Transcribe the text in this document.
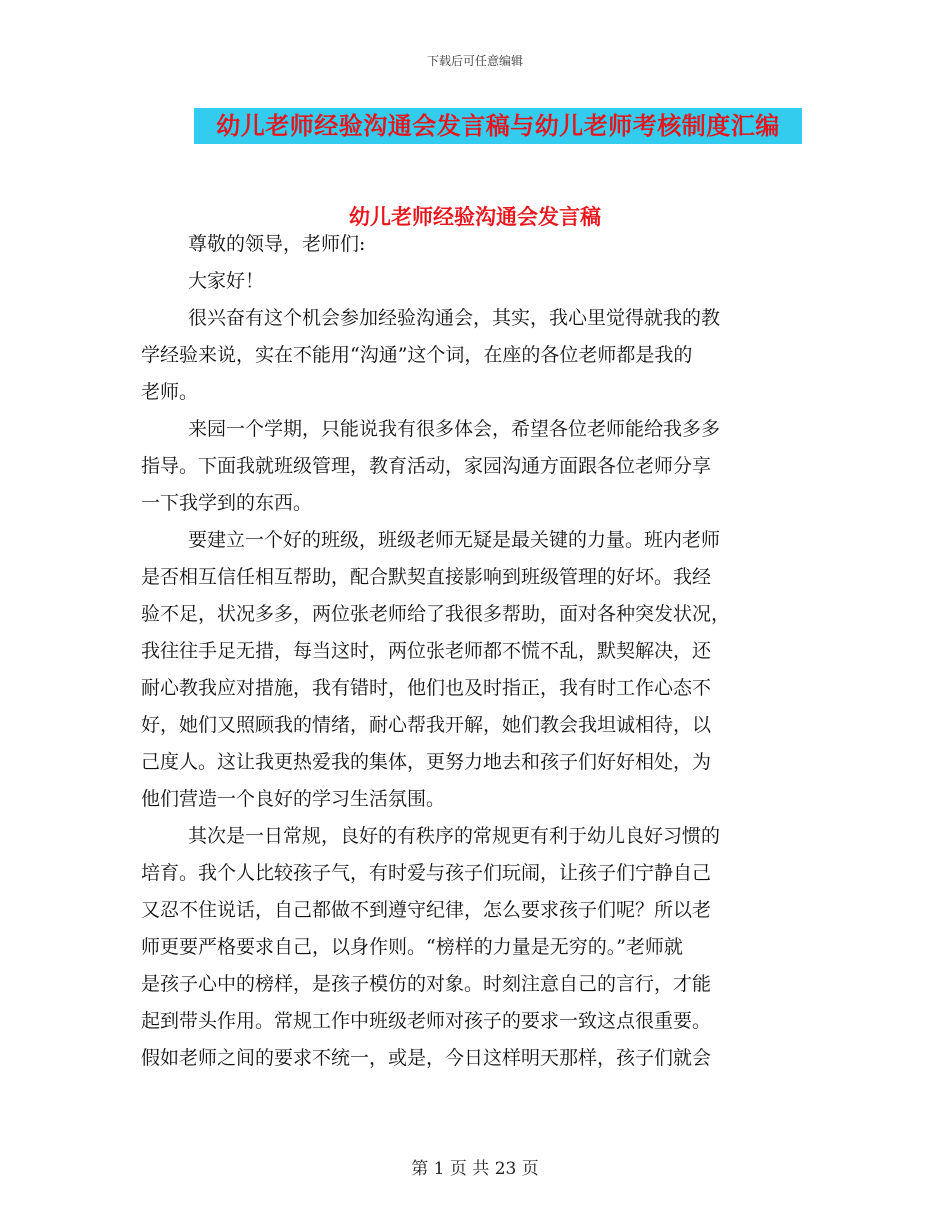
下载后可任意编辑
幼儿老师经验沟通会发言稿与幼儿老师考核制度汇编
幼儿老师经验沟通会发言稿
尊敬的领导，老师们:
大家好！
很兴奋有这个机会参加经验沟通会，其实，我心里觉得就我的教
学经验来说，实在不能用“沟通”这个词，在座的各位老师都是我的
老师。
来园一个学期，只能说我有很多体会，希望各位老师能给我多多
指导。下面我就班级管理，教育活动，家园沟通方面跟各位老师分享
一下我学到的东西。
要建立一个好的班级，班级老师无疑是最关键的力量。班内老师
是否相互信任相互帮助，配合默契直接影响到班级管理的好坏。我经
验不足，状况多多，两位张老师给了我很多帮助，面对各种突发状况，
我往往手足无措，每当这时，两位张老师都不慌不乱，默契解决，还
耐心教我应对措施，我有错时，他们也及时指正，我有时工作心态不
好，她们又照顾我的情绪，耐心帮我开解，她们教会我坦诚相待，以
己度人。这让我更热爱我的集体，更努力地去和孩子们好好相处，为
他们营造一个良好的学习生活氛围。
其次是一日常规，良好的有秩序的常规更有利于幼儿良好习惯的
培育。我个人比较孩子气，有时爱与孩子们玩闹，让孩子们宁静自己
又忍不住说话，自己都做不到遵守纪律，怎么要求孩子们呢？所以老
师更要严格要求自己，以身作则。“榜样的力量是无穷的。”老师就
是孩子心中的榜样，是孩子模仿的对象。时刻注意自己的言行，才能
起到带头作用。常规工作中班级老师对孩子的要求一致这点很重要。
假如老师之间的要求不统一，或是，今日这样明天那样，孩子们就会
第 1 页 共 23 页
